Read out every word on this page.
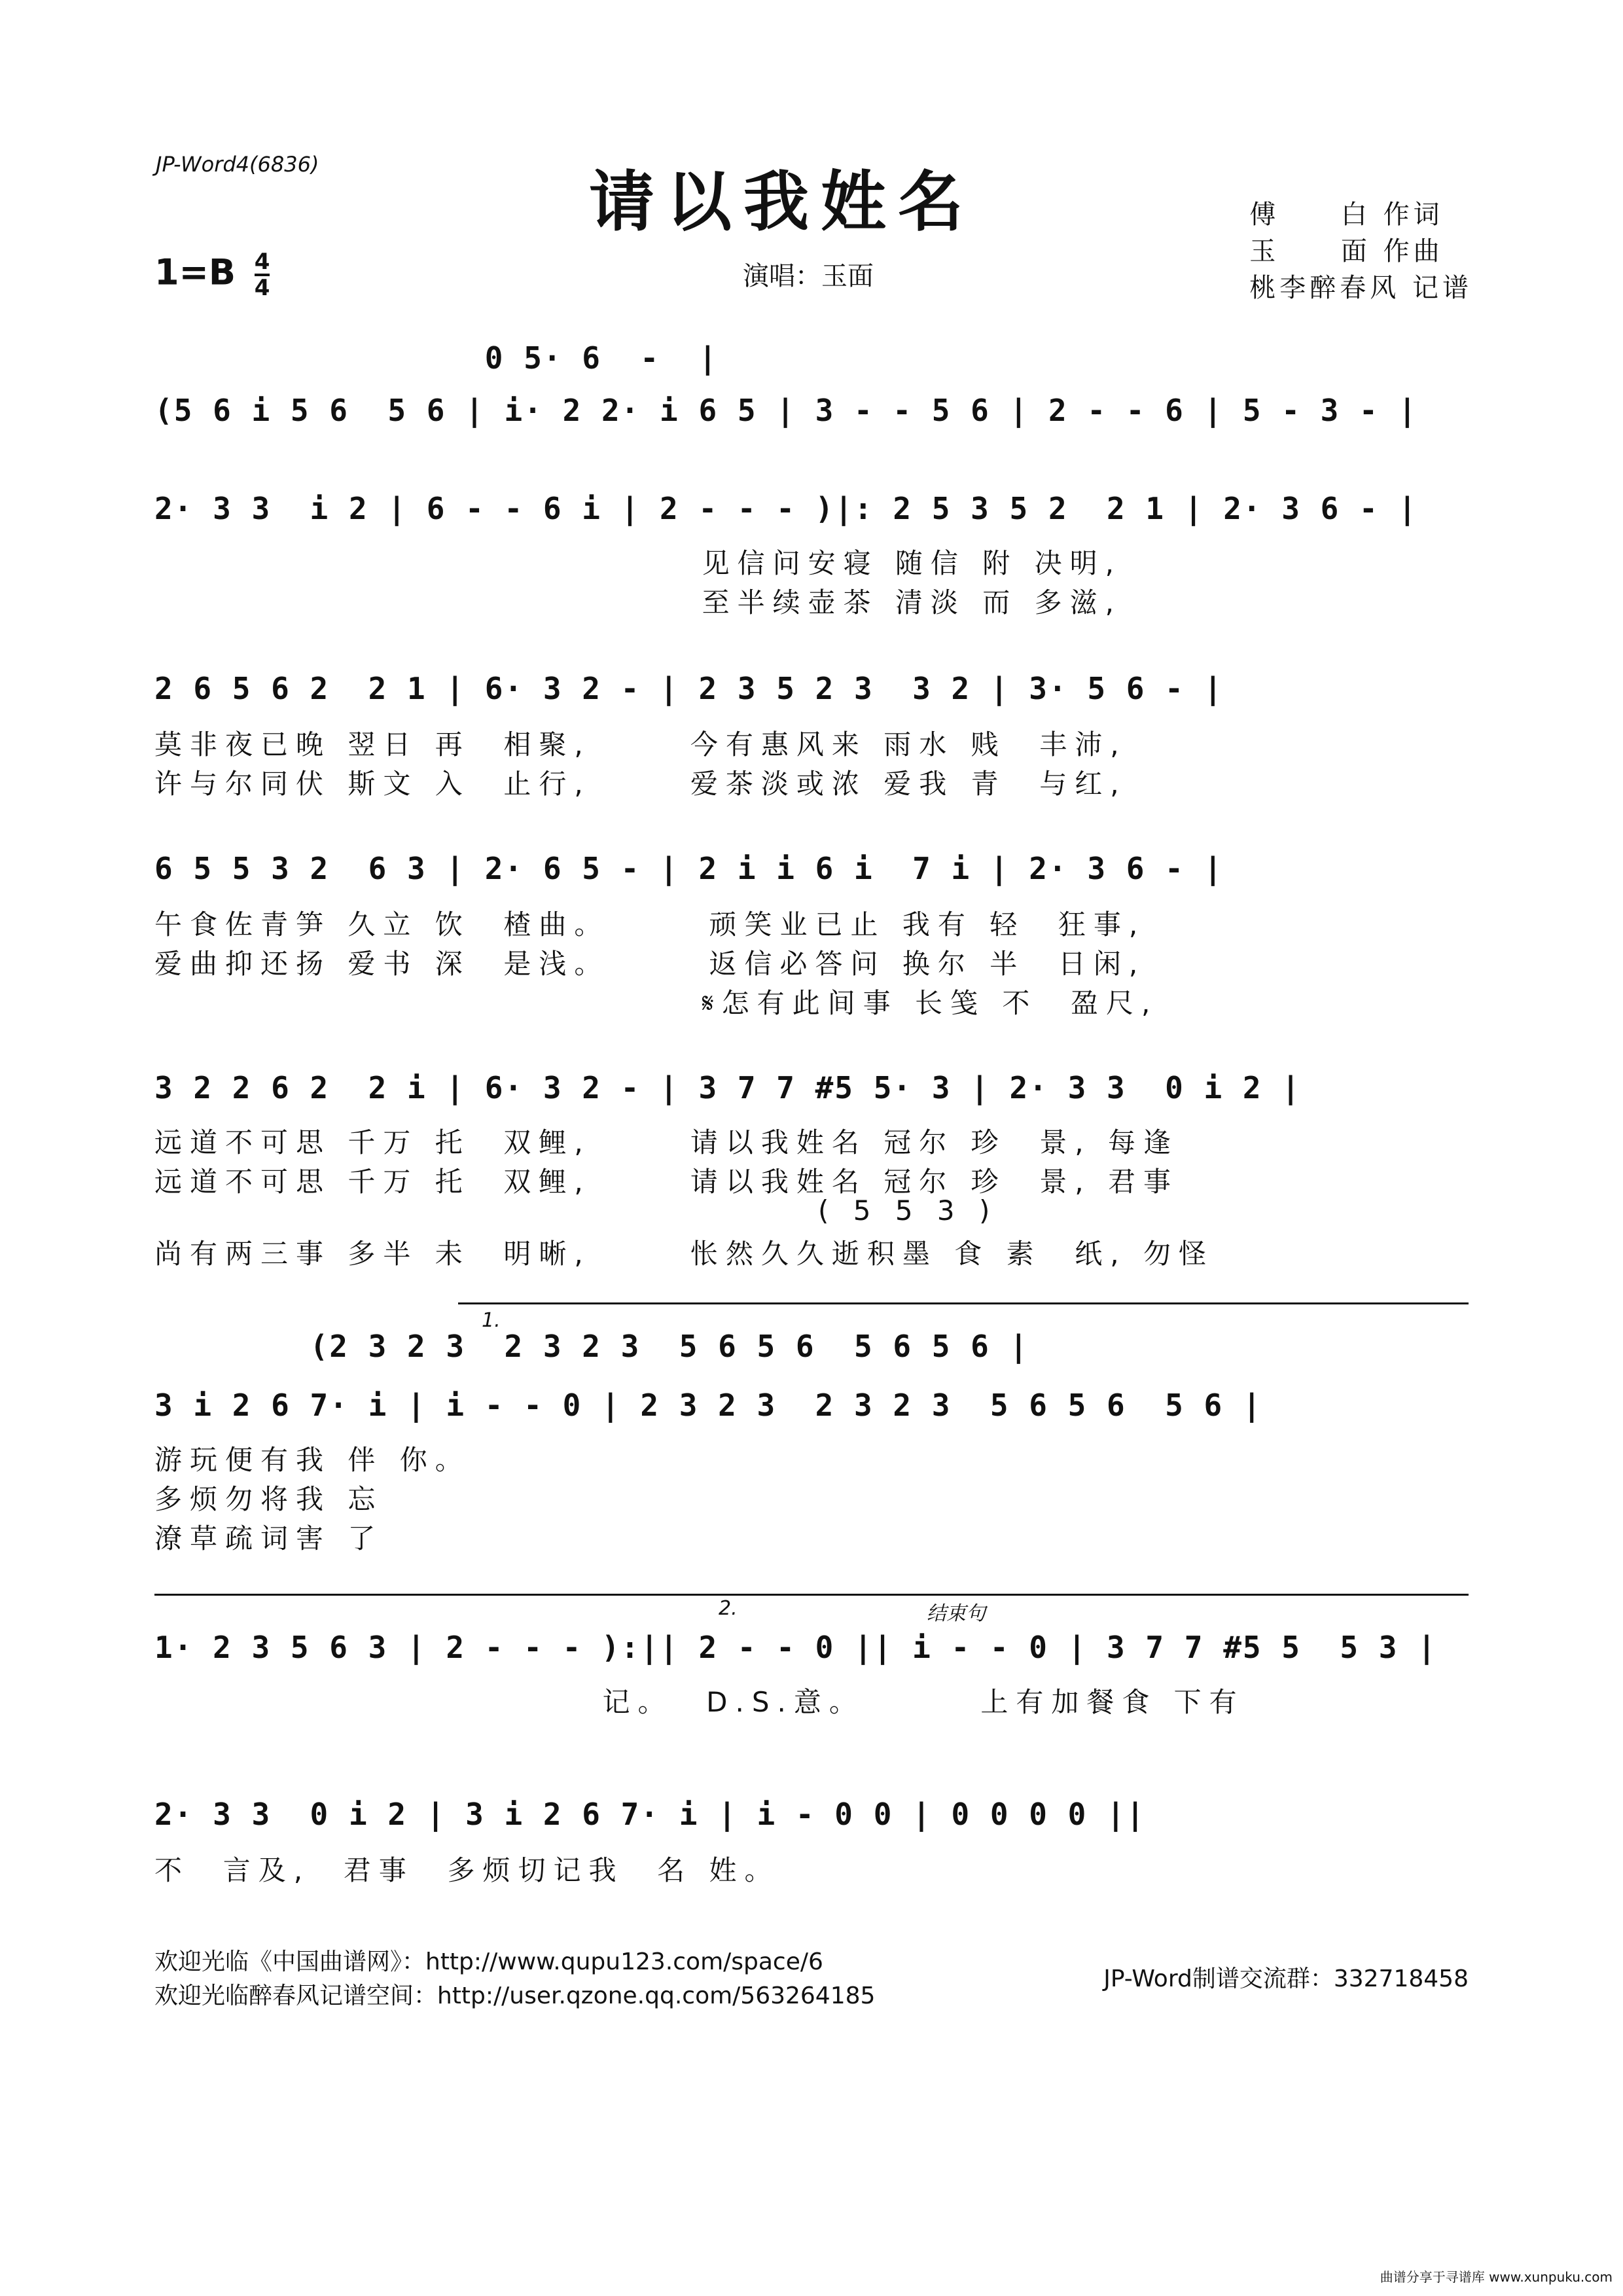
JP-Word4(6836)	请以我姓名	傅     白 作词
玉     面 作曲
桃李醉春风 记谱
$1=B \frac{4}{4}$	演唱：玉面
0 5· 6  -  |
(5 6 i 5 6  5 6 | i· 2 2· i 6 5 | 3 - - 5 6 | 2 - - 6 | 5 - 3 - |
2· 3 3  i 2 | 6 - - 6 i | 2 - - - )|: 2 5 3 5 2  2 1 | 2· 3 6 - |
见信问安寝 随信 附 决明,
至半续壶茶 清淡 而 多滋,
2 6 5 6 2  2 1 | 6· 3 2 - | 2 3 5 2 3  3 2 | 3· 5 6 - |
莫非夜已晚 翌日 再  相聚,      今有惠风来 雨水 贱  丰沛,
许与尔同伏 斯文 入  止行,      爱茶淡或浓 爱我 青  与红,
6 5 5 3 2  6 3 | 2· 6 5 - | 2 i i 6 i  7 i | 2· 3 6 - |
午食佐青笋 久立 饮  楂曲。      顽笑业已止 我有 轻  狂事,
爱曲抑还扬 爱书 深  是浅。      返信必答问 换尔 半  日闲,
𝄋怎有此间事 长笺 不  盈尺,
3 2 2 6 2  2 i | 6· 3 2 - | 3 7 7 #5 5· 3 | 2· 3 3  0 i 2 |
远道不可思 千万 托  双鲤,      请以我姓名 冠尔 珍  景, 每逢
远道不可思 千万 托  双鲤,      请以我姓名 冠尔 珍  景, 君事
( 5 5 3 )
尚有两三事 多半 未  明晰,      怅然久久逝积墨 食 素  纸, 勿怪
1.
(2 3 2 3  2 3 2 3  5 6 5 6  5 6 5 6 |
3 i 2 6 7· i | i - - 0 | 2 3 2 3  2 3 2 3  5 6 5 6  5 6 |
游玩便有我 伴 你。
多烦勿将我 忘
潦草疏词害 了
2.	结束句
1· 2 3 5 6 3 | 2 - - - ):|| 2 - - 0 || i - - 0 | 3 7 7 #5 5  5 3 |
记。  D.S.意。       上有加餐食 下有
2· 3 3  0 i 2 | 3 i 2 6 7· i | i - 0 0 | 0 0 0 0 ||
不  言及,  君事  多烦切记我  名 姓。
欢迎光临《中国曲谱网》：http://www.qupu123.com/space/6
欢迎光临醉春风记谱空间：http://user.qzone.qq.com/563264185
JP-Word制谱交流群：332718458
曲谱分享于寻谱库 www.xunpuku.com
